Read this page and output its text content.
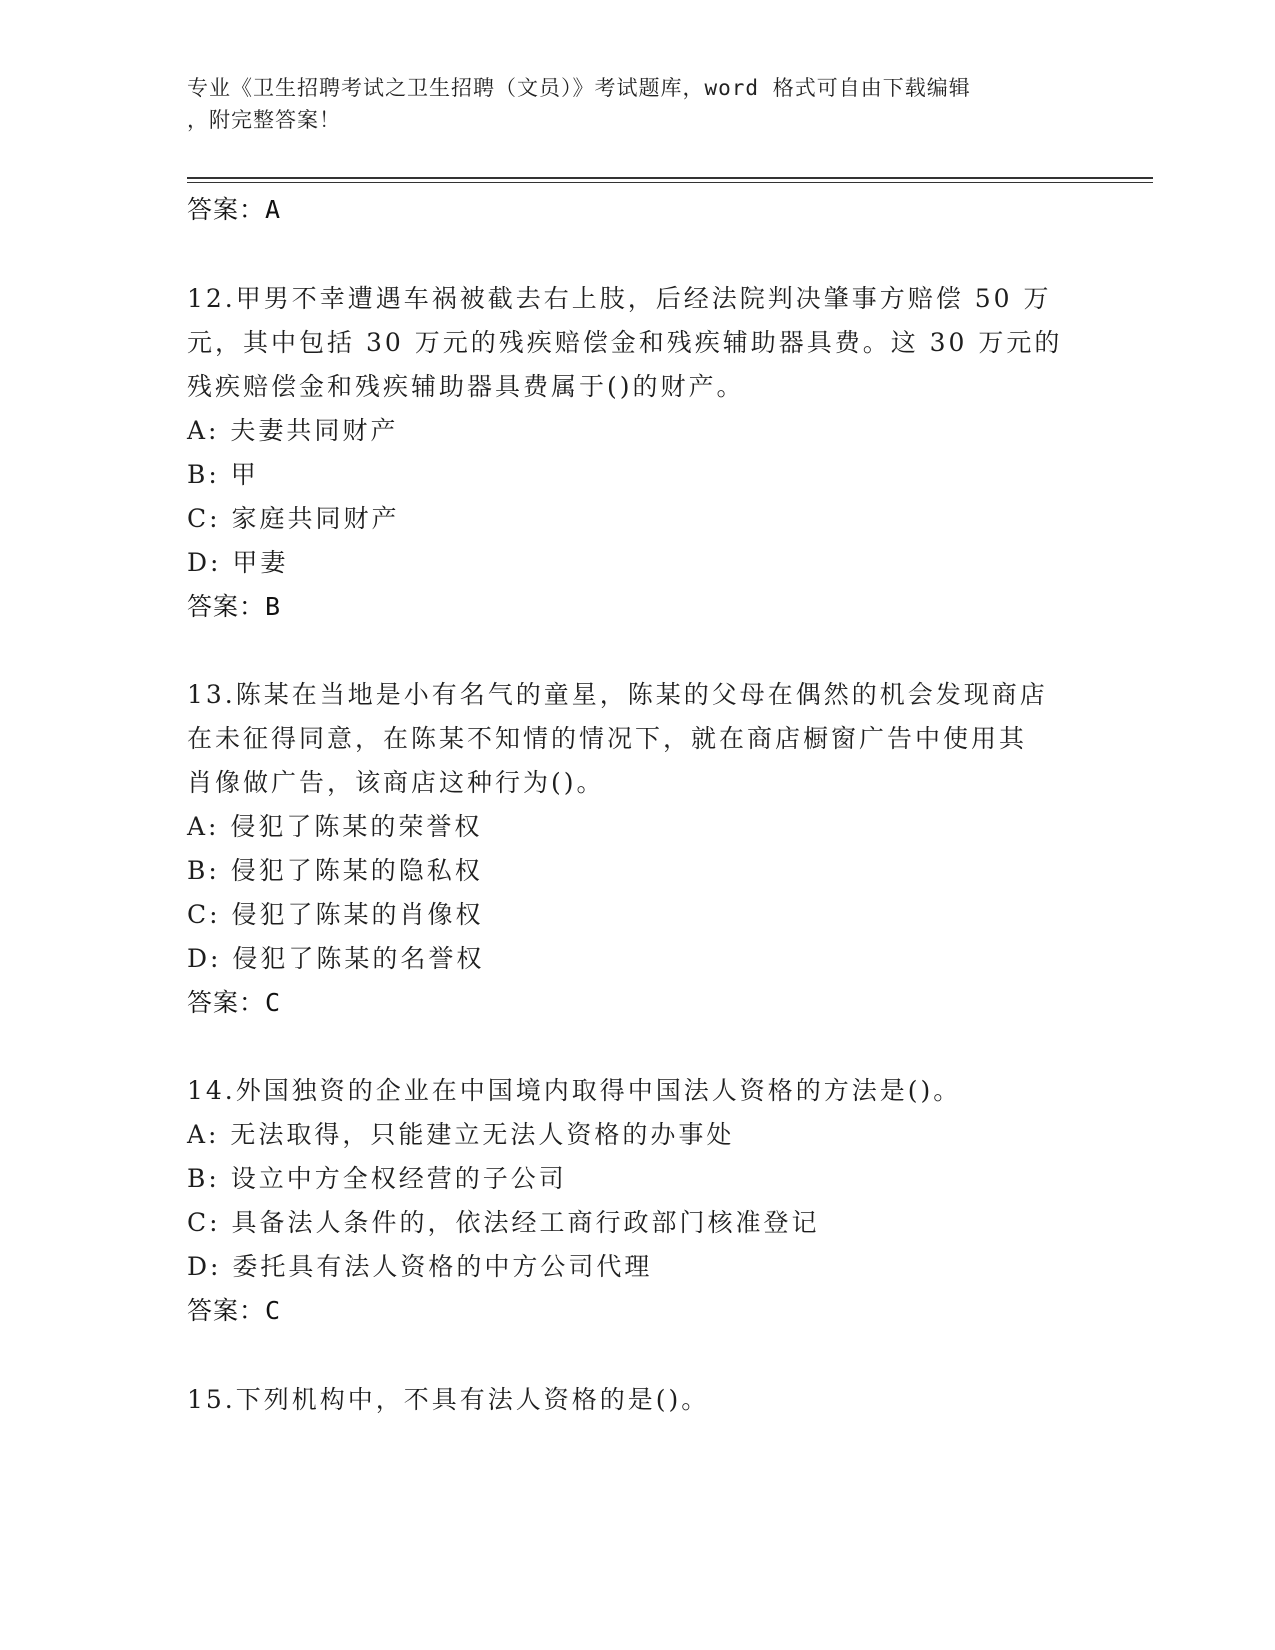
专业《卫生招聘考试之卫生招聘（文员）》考试题库，word 格式可自由下载编辑
，附完整答案！
答案：A
12.甲男不幸遭遇车祸被截去右上肢，后经法院判决肇事方赔偿 50 万
元，其中包括 30 万元的残疾赔偿金和残疾辅助器具费。这 30 万元的
残疾赔偿金和残疾辅助器具费属于()的财产。
A: 夫妻共同财产
B: 甲
C: 家庭共同财产
D: 甲妻
答案：B
13.陈某在当地是小有名气的童星，陈某的父母在偶然的机会发现商店
在未征得同意，在陈某不知情的情况下，就在商店橱窗广告中使用其
肖像做广告，该商店这种行为()。
A: 侵犯了陈某的荣誉权
B: 侵犯了陈某的隐私权
C: 侵犯了陈某的肖像权
D: 侵犯了陈某的名誉权
答案：C
14.外国独资的企业在中国境内取得中国法人资格的方法是()。
A: 无法取得，只能建立无法人资格的办事处
B: 设立中方全权经营的子公司
C: 具备法人条件的，依法经工商行政部门核准登记
D: 委托具有法人资格的中方公司代理
答案：C
15.下列机构中，不具有法人资格的是()。
